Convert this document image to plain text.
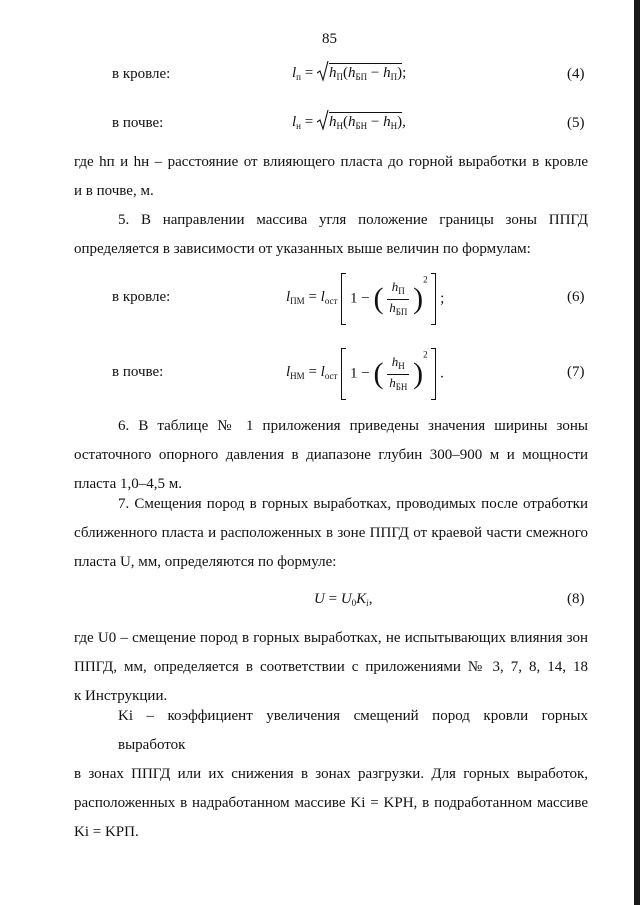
85
в кровле:	$l_п = h_П(h_{БП} - h_П)$;	(4)
в почве:	$l_н = h_Н(h_{БН} - h_Н)$,	(5)
где h​п и h​н – расстояние от влияющего пласта до горной выработки в кровле
и в почве, м.
5. В направлении массива угля положение границы зоны ППГД
определяется в зависимости от указанных выше величин по формулам:
в кровле:	$l_{ПМ} = l_{ост}$ 1 − ( $\frac{h_П}{h_{БП}} )^2$  ;	(6)
в почве:	$l_{НМ} = l_{ост}$ 1 − ( $\frac{h_Н}{h_{БН}} )^2$  .	(7)
6. В таблице № 1 приложения приведены значения ширины зоны
остаточного опорного давления в диапазоне глубин 300–900 м и мощности
пласта 1,0–4,5 м.
7. Смещения пород в горных выработках, проводимых после отработки
сближенного пласта и расположенных в зоне ППГД от краевой части смежного
пласта U, мм, определяются по формуле:
$U = U_0K_i$,	(8)
где U0 – смещение пород в горных выработках, не испытывающих влияния зон
ППГД, мм, определяется в соответствии с приложениями № 3, 7, 8, 14, 18
к Инструкции.
Ki – коэффициент увеличения смещений пород кровли горных выработок
в зонах ППГД или их снижения в зонах разгрузки. Для горных выработок,
расположенных в надработанном массиве Ki = KРН, в подработанном массиве
Ki = KРП.
